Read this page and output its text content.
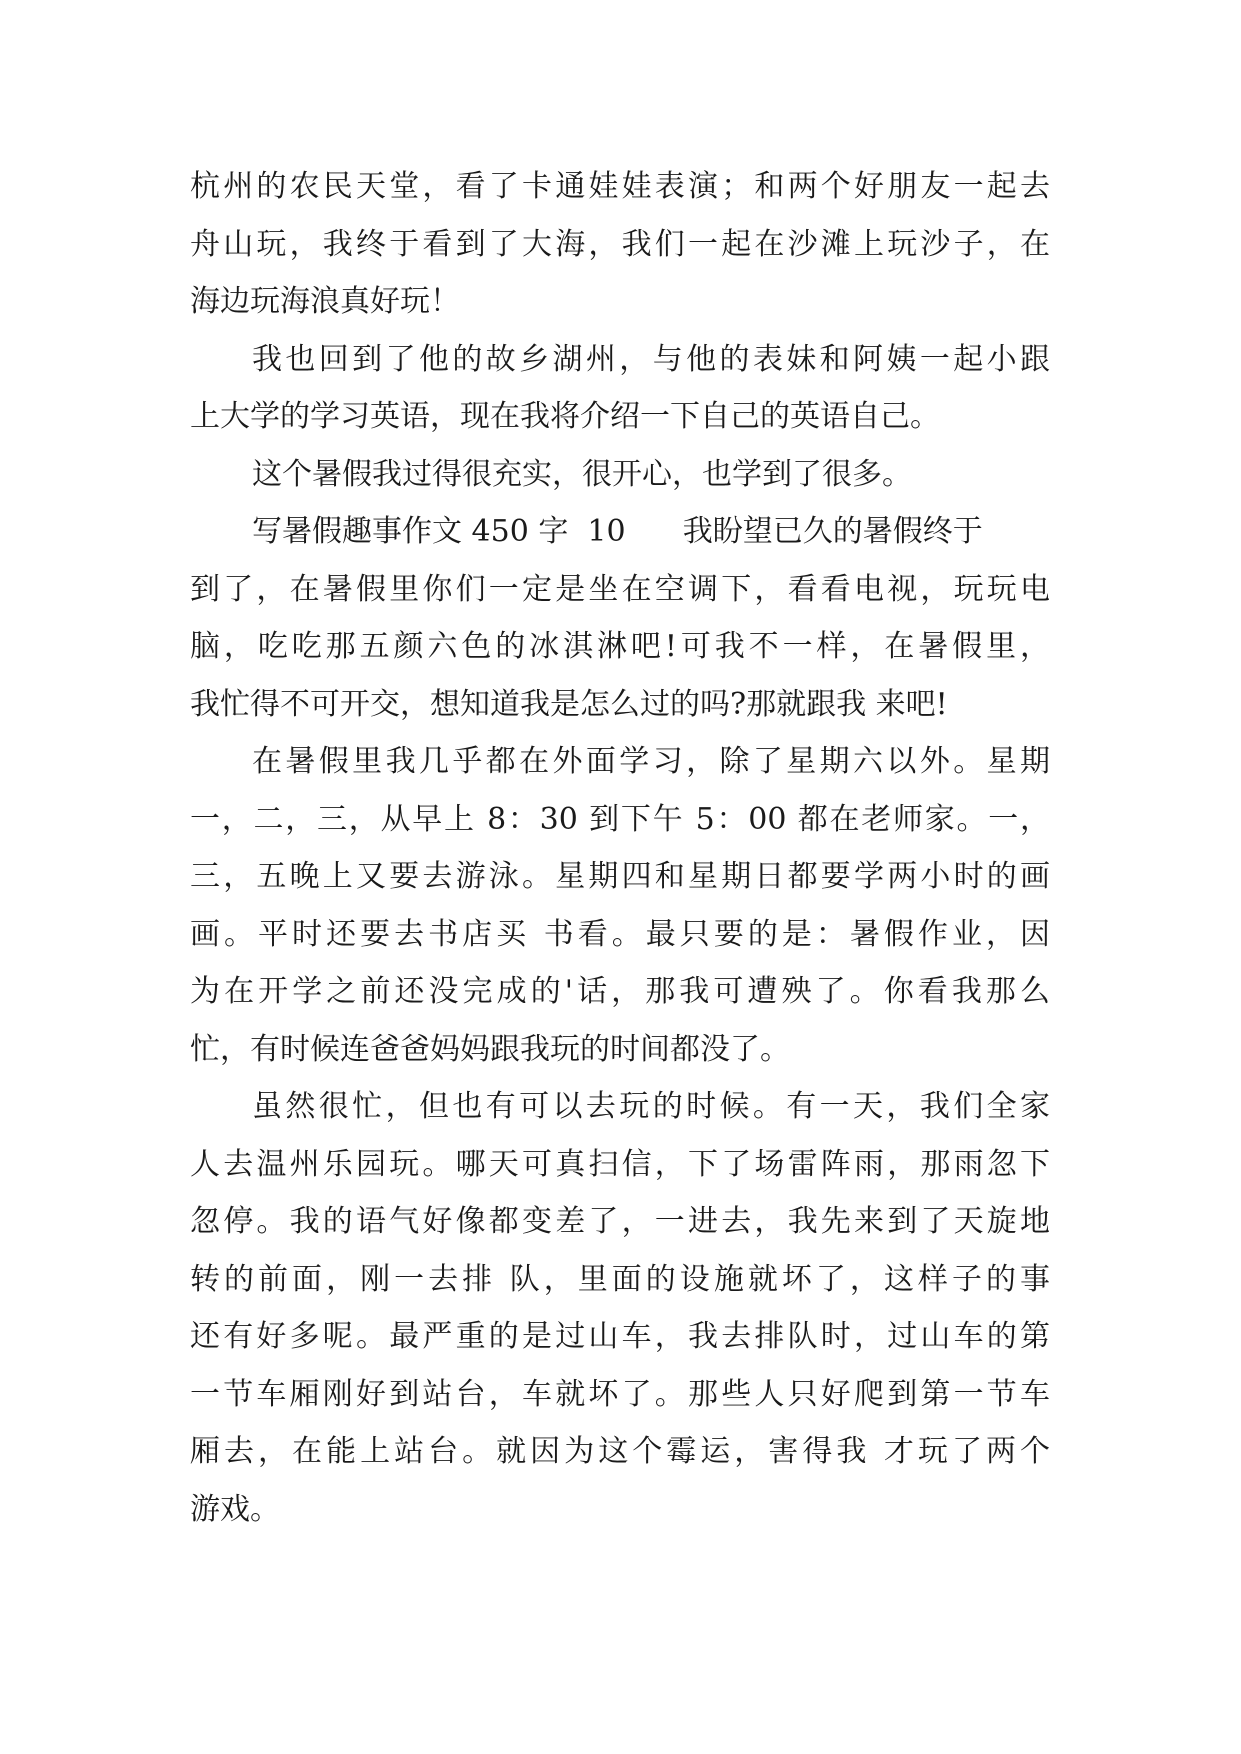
杭州的农民天堂，看了卡通娃娃表演；和两个好朋友一起去
舟山玩，我终于看到了大海，我们一起在沙滩上玩沙子，在
海边玩海浪真好玩！
我也回到了他的故乡湖州，与他的表妹和阿姨一起小跟
上大学的学习英语，现在我将介绍一下自己的英语自己。
这个暑假我过得很充实，很开心，也学到了很多。
写暑假趣事作文 450 字  10      我盼望已久的暑假终于
到了，在暑假里你们一定是坐在空调下，看看电视，玩玩电
脑，吃吃那五颜六色的冰淇淋吧!可我不一样，在暑假里，
我忙得不可开交，想知道我是怎么过的吗?那就跟我 来吧!
在暑假里我几乎都在外面学习，除了星期六以外。星期
一，二，三，从早上 8：30 到下午 5：00 都在老师家。一，
三，五晚上又要去游泳。星期四和星期日都要学两小时的画
画。平时还要去书店买 书看。最只要的是：暑假作业，因
为在开学之前还没完成的'话，那我可遭殃了。你看我那么
忙，有时候连爸爸妈妈跟我玩的时间都没了。
虽然很忙，但也有可以去玩的时候。有一天，我们全家
人去温州乐园玩。哪天可真扫信，下了场雷阵雨，那雨忽下
忽停。我的语气好像都变差了，一进去，我先来到了天旋地
转的前面，刚一去排 队，里面的设施就坏了，这样子的事
还有好多呢。最严重的是过山车，我去排队时，过山车的第
一节车厢刚好到站台，车就坏了。那些人只好爬到第一节车
厢去，在能上站台。就因为这个霉运，害得我 才玩了两个
游戏。
